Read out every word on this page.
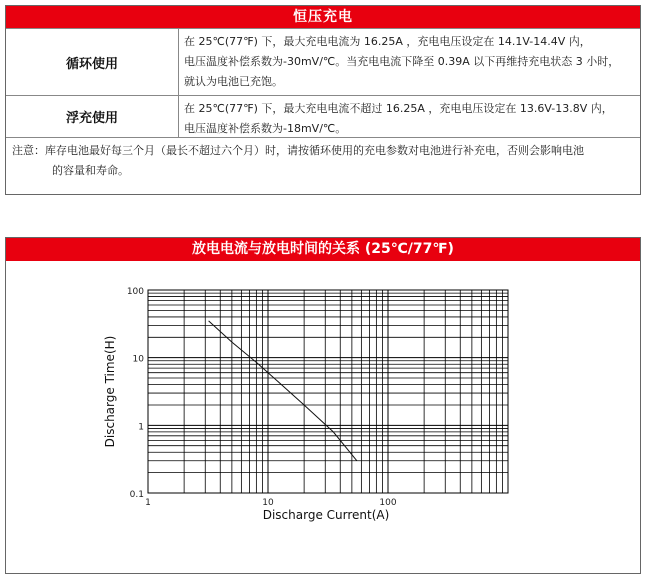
恒压充电
循环使用
在 25℃(77℉) 下，最大充电电流为 16.25A ，充电电压设定在 14.1V-14.4V 内，
电压温度补偿系数为-30mV/℃。当充电电流下降至 0.39A 以下再维持充电状态 3 小时，
就认为电池已充饱。
浮充使用
在 25℃(77℉) 下，最大充电电流不超过 16.25A ，充电电压设定在 13.6V-13.8V 内，
电压温度补偿系数为-18mV/℃。
注意：库存电池最好每三个月（最长不超过六个月）时，请按循环使用的充电参数对电池进行补充电，否则会影响电池
的容量和寿命。
放电电流与放电时间的关系 (25℃/77℉)
0.1
1
10
100
1	10	100
Discharge Time(H)
Discharge Current(A)
